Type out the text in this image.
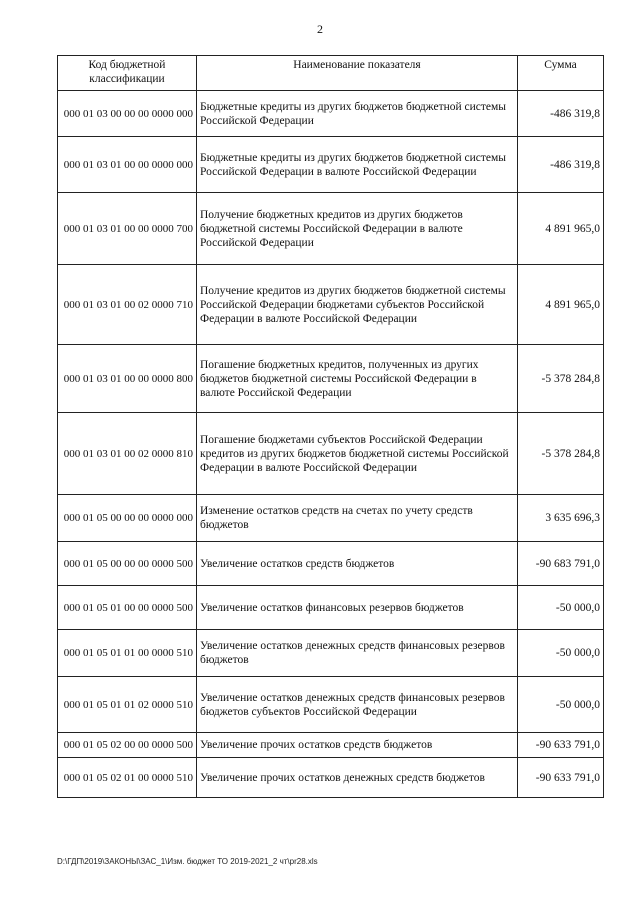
2
Код бюджетной классификации	Наименование показателя	Сумма
000 01 03 00 00 00 0000 000	Бюджетные кредиты из других бюджетов бюджетной системы Российской Федерации	-486 319,8
000 01 03 01 00 00 0000 000	Бюджетные кредиты из других бюджетов бюджетной системы Российской Федерации в валюте Российской Федерации	-486 319,8
000 01 03 01 00 00 0000 700	Получение бюджетных кредитов из других бюджетов бюджетной системы Российской Федерации в валюте Российской Федерации	4 891 965,0
000 01 03 01 00 02 0000 710	Получение кредитов из других бюджетов бюджетной системы Российской Федерации бюджетами субъектов Российской Федерации в валюте Российской Федерации	4 891 965,0
000 01 03 01 00 00 0000 800	Погашение бюджетных кредитов, полученных из других бюджетов бюджетной системы Российской Федерации в валюте Российской Федерации	-5 378 284,8
000 01 03 01 00 02 0000 810	Погашение бюджетами субъектов Российской Федерации кредитов из других бюджетов бюджетной системы Российской Федерации в валюте Российской Федерации	-5 378 284,8
000 01 05 00 00 00 0000 000	Изменение остатков средств на счетах по учету средств бюджетов	3 635 696,3
000 01 05 00 00 00 0000 500	Увеличение остатков средств бюджетов	-90 683 791,0
000 01 05 01 00 00 0000 500	Увеличение остатков финансовых резервов бюджетов	-50 000,0
000 01 05 01 01 00 0000 510	Увеличение остатков денежных средств финансовых резервов бюджетов	-50 000,0
000 01 05 01 01 02 0000 510	Увеличение остатков денежных средств финансовых резервов бюджетов субъектов Российской Федерации	-50 000,0
000 01 05 02 00 00 0000 500	Увеличение прочих остатков средств бюджетов	-90 633 791,0
000 01 05 02 01 00 0000 510	Увеличение прочих остатков денежных средств бюджетов	-90 633 791,0
D:\ГДП\2019\ЗАКОНЫ\ЗАС_1\Изм. бюджет ТО 2019-2021_2 чт\pr28.xls
